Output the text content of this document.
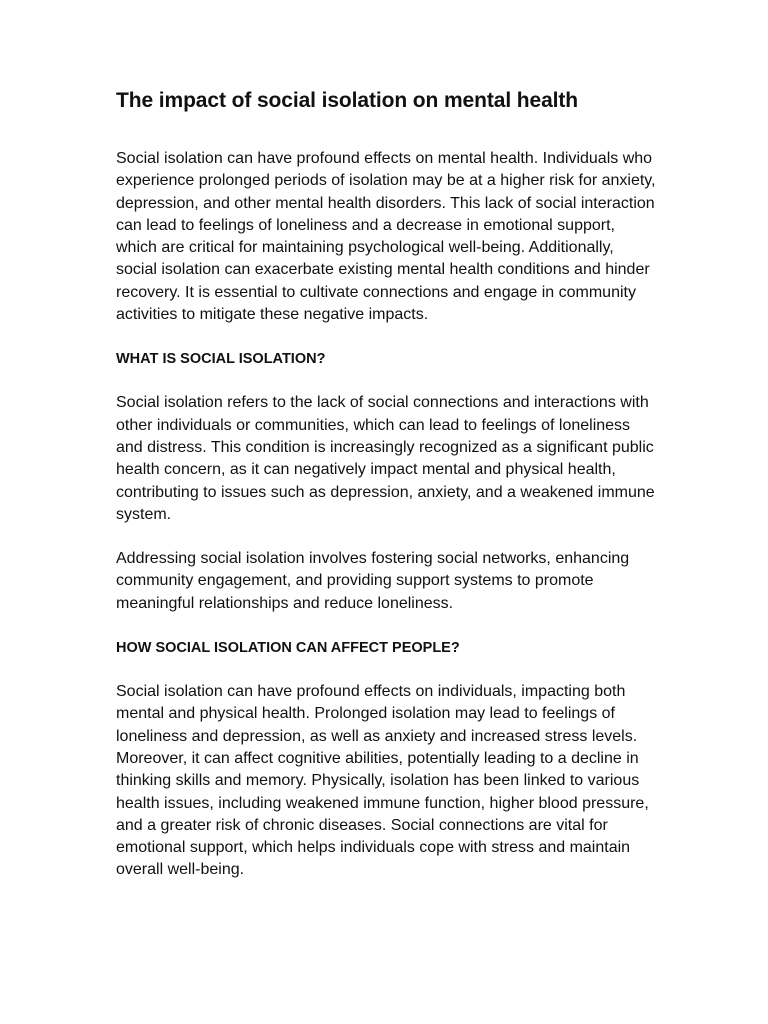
The impact of social isolation on mental health

Social isolation can have profound effects on mental health. Individuals who experience prolonged periods of isolation may be at a higher risk for anxiety, depression, and other mental health disorders. This lack of social interaction can lead to feelings of loneliness and a decrease in emotional support, which are critical for maintaining psychological well-being. Additionally, social isolation can exacerbate existing mental health conditions and hinder recovery. It is essential to cultivate connections and engage in community activities to mitigate these negative impacts.

WHAT IS SOCIAL ISOLATION?

Social isolation refers to the lack of social connections and interactions with other individuals or communities, which can lead to feelings of loneliness and distress. This condition is increasingly recognized as a significant public health concern, as it can negatively impact mental and physical health, contributing to issues such as depression, anxiety, and a weakened immune system.

Addressing social isolation involves fostering social networks, enhancing community engagement, and providing support systems to promote meaningful relationships and reduce loneliness.

HOW SOCIAL ISOLATION CAN AFFECT PEOPLE?

Social isolation can have profound effects on individuals, impacting both mental and physical health. Prolonged isolation may lead to feelings of loneliness and depression, as well as anxiety and increased stress levels. Moreover, it can affect cognitive abilities, potentially leading to a decline in thinking skills and memory. Physically, isolation has been linked to various health issues, including weakened immune function, higher blood pressure, and a greater risk of chronic diseases. Social connections are vital for emotional support, which helps individuals cope with stress and maintain overall well-being.
